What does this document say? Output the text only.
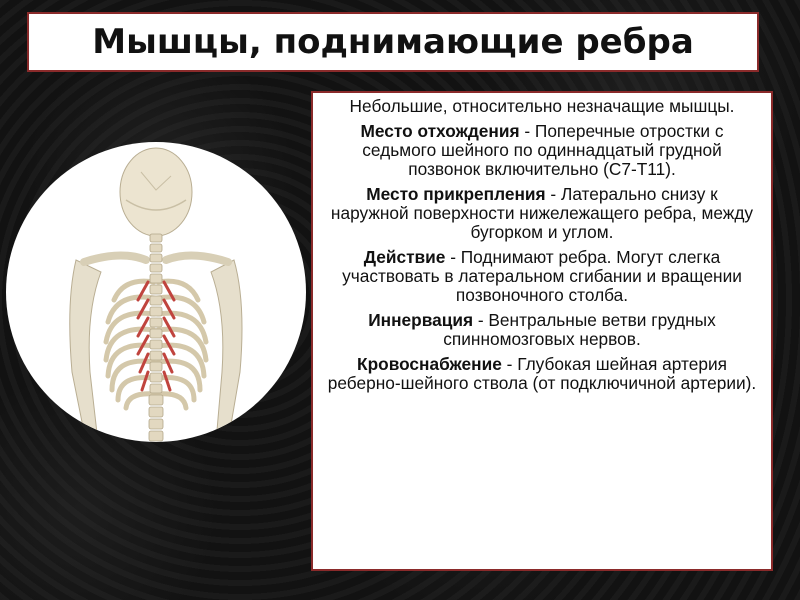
Мышцы, поднимающие ребра

Небольшие, относительно незначащие мышцы.

Место отхождения - Поперечные отростки с седьмого шейного по одиннадцатый грудной позвонок включительно (С7-Т11).

Место прикрепления - Латерально снизу к наружной поверхности нижележащего ребра, между бугорком и углом.

Действие - Поднимают ребра. Могут слегка участвовать в латеральном сгибании и вращении позвоночного столба.

Иннервация - Вентральные ветви грудных спинномозговых нервов.

Кровоснабжение - Глубокая шейная артерия реберно-шейного ствола (от подключичной артерии).
